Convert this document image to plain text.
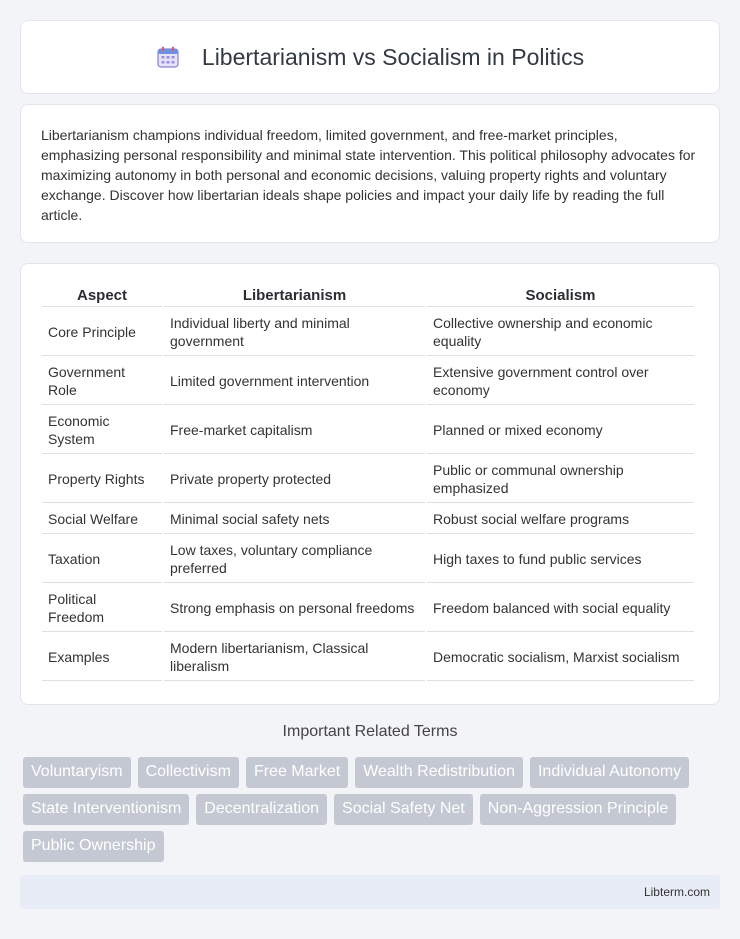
Libertarianism vs Socialism in Politics

Libertarianism champions individual freedom, limited government, and free-market principles, emphasizing personal responsibility and minimal state intervention. This political philosophy advocates for maximizing autonomy in both personal and economic decisions, valuing property rights and voluntary exchange. Discover how libertarian ideals shape policies and impact your daily life by reading the full article.

Aspect	Libertarianism	Socialism
Core Principle	Individual liberty and minimal government	Collective ownership and economic equality
Government Role	Limited government intervention	Extensive government control over economy
Economic System	Free-market capitalism	Planned or mixed economy
Property Rights	Private property protected	Public or communal ownership emphasized
Social Welfare	Minimal social safety nets	Robust social welfare programs
Taxation	Low taxes, voluntary compliance preferred	High taxes to fund public services
Political Freedom	Strong emphasis on personal freedoms	Freedom balanced with social equality
Examples	Modern libertarianism, Classical liberalism	Democratic socialism, Marxist socialism
Important Related Terms
Voluntaryism	Collectivism	Free Market	Wealth Redistribution	Individual Autonomy
State Interventionism	Decentralization	Social Safety Net	Non-Aggression Principle
Public Ownership
Libterm.com
